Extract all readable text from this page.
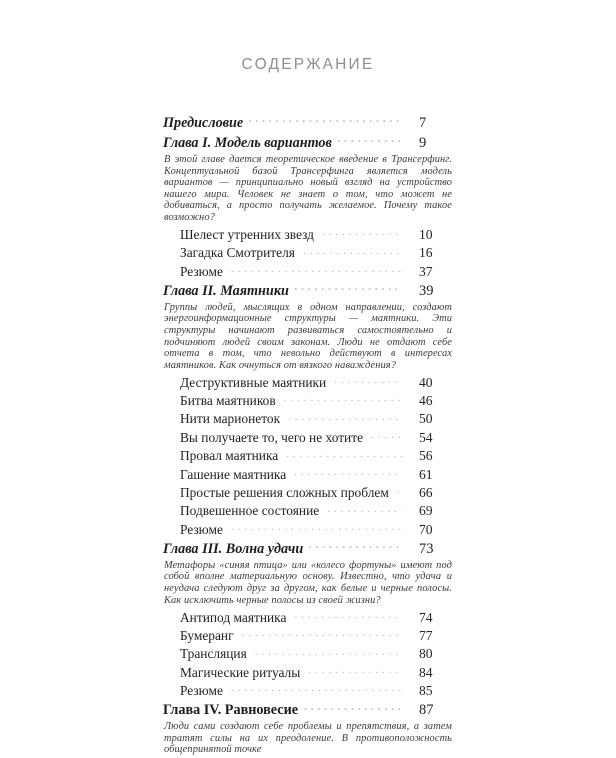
СОДЕРЖАНИЕ
Предисловие . . .	7
Глава I. Модель вариантов . . .	9
В этой главе дается теоретическое введение в Трансерфинг. Концептуальной базой Трансерфинга является модель вариантов — принципиально новый взгляд на устройство нашего мира. Человек не знает о том, что может не добиваться, а просто получать желаемое. Почему такое возможно?
Шелест утренних звезд . . .	10
Загадка Смотрителя . . .	16
Резюме . . .	37
Глава II. Маятники . . .	39
Группы людей, мыслящих в одном направлении, создают энергоинформационные структуры — маятники. Эти структуры начинают развиваться самостоятельно и подчиняют людей своим законам. Люди не отдают себе отчета в том, что невольно действуют в интересах маятников. Как очнуться от вязкого наваждения?
Деструктивные маятники . . .	40
Битва маятников . . .	46
Нити марионеток . . .	50
Вы получаете то, чего не хотите . . .	54
Провал маятника . . .	56
Гашение маятника . . .	61
Простые решения сложных проблем . . . 66
Подвешенное состояние . . .	69
Резюме . . .	70
Глава III. Волна удачи . . .	73
Метафоры «синяя птица» или «колесо фортуны» имеют под собой вполне материальную основу. Известно, что удача и неудача следуют друг за другом, как белые и черные полосы. Как исключить черные полосы из своей жизни?
Антипод маятника . . .	74
Бумеранг . . .	77
Трансляция . . .	80
Магические ритуалы . . .	84
Резюме . . .	85
Глава IV. Равновесие . . .	87
Люди сами создают себе проблемы и препятствия, а затем тратят силы на их преодоление. В противоположность общепринятой точке
